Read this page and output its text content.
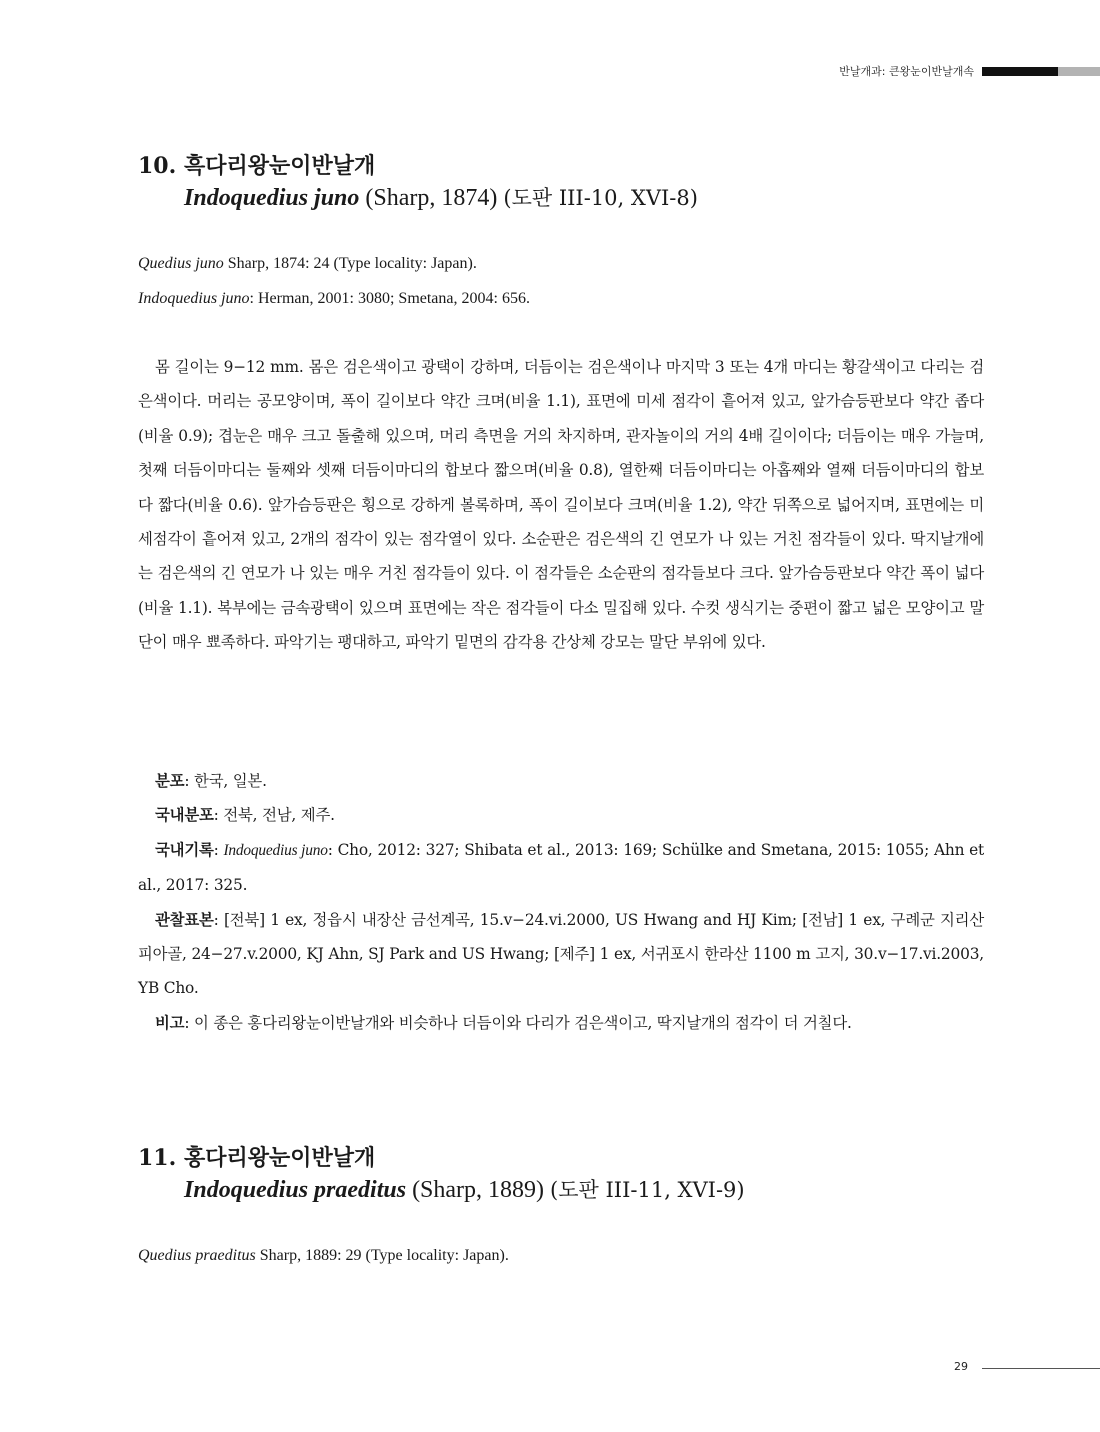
반날개과: 큰왕눈이반날개속
10. 흑다리왕눈이반날개
Indoquedius juno (Sharp, 1874) (도판 III-10, XVI-8)

Quedius juno Sharp, 1874: 24 (Type locality: Japan).

Indoquedius juno: Herman, 2001: 3080; Smetana, 2004: 656.

몸 길이는 9−12 mm. 몸은 검은색이고 광택이 강하며, 더듬이는 검은색이나 마지막 3 또는 4개 마디는 황갈색이고 다리는 검은색이다. 머리는 공모양이며, 폭이 길이보다 약간 크며(비율 1.1), 표면에 미세 점각이 흩어져 있고, 앞가슴등판보다 약간 좁다(비율 0.9); 겹눈은 매우 크고 돌출해 있으며, 머리 측면을 거의 차지하며, 관자놀이의 거의 4배 길이이다; 더듬이는 매우 가늘며, 첫째 더듬이마디는 둘째와 셋째 더듬이마디의 합보다 짧으며(비율 0.8), 열한째 더듬이마디는 아홉째와 열째 더듬이마디의 합보다 짧다(비율 0.6). 앞가슴등판은 횡으로 강하게 볼록하며, 폭이 길이보다 크며(비율 1.2), 약간 뒤쪽으로 넓어지며, 표면에는 미세점각이 흩어져 있고, 2개의 점각이 있는 점각열이 있다. 소순판은 검은색의 긴 연모가 나 있는 거친 점각들이 있다. 딱지날개에는 검은색의 긴 연모가 나 있는 매우 거친 점각들이 있다. 이 점각들은 소순판의 점각들보다 크다. 앞가슴등판보다 약간 폭이 넓다(비율 1.1). 복부에는 금속광택이 있으며 표면에는 작은 점각들이 다소 밀집해 있다. 수컷 생식기는 중편이 짧고 넓은 모양이고 말단이 매우 뾰족하다. 파악기는 팽대하고, 파악기 밑면의 감각용 간상체 강모는 말단 부위에 있다.

분포: 한국, 일본.

국내분포: 전북, 전남, 제주.

국내기록: Indoquedius juno: Cho, 2012: 327; Shibata et al., 2013: 169; Schülke and Smetana, 2015: 1055; Ahn et al., 2017: 325.

관찰표본: [전북] 1 ex, 정읍시 내장산 금선계곡, 15.v−24.vi.2000, US Hwang and HJ Kim; [전남] 1 ex, 구례군 지리산 피아골, 24−27.v.2000, KJ Ahn, SJ Park and US Hwang; [제주] 1 ex, 서귀포시 한라산 1100 m 고지, 30.v−17.vi.2003, YB Cho.

비고: 이 종은 홍다리왕눈이반날개와 비슷하나 더듬이와 다리가 검은색이고, 딱지날개의 점각이 더 거칠다.

11. 홍다리왕눈이반날개
Indoquedius praeditus (Sharp, 1889) (도판 III-11, XVI-9)

Quedius praeditus Sharp, 1889: 29 (Type locality: Japan).

29
